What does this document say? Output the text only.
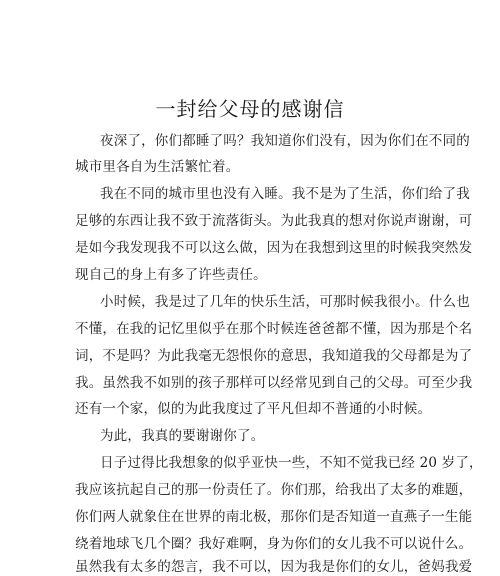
一封给父母的感谢信
夜深了，你们都睡了吗？我知道你们没有，因为你们在不同的
城市里各自为生活繁忙着。
我在不同的城市里也没有入睡。我不是为了生活，你们给了我
足够的东西让我不致于流落街头。为此我真的想对你说声谢谢，可
是如今我发现我不可以这么做，因为在我想到这里的时候我突然发
现自己的身上有多了许些责任。
小时候，我是过了几年的快乐生活，可那时候我很小。什么也
不懂，在我的记忆里似乎在那个时候连爸爸都不懂，因为那是个名
词，不是吗？为此我毫无怨恨你的意思，我知道我的父母都是为了
我。虽然我不如别的孩子那样可以经常见到自己的父母。可至少我
还有一个家，似的为此我度过了平凡但却不普通的小时候。
为此，我真的要谢谢你了。
日子过得比我想象的似乎亚快一些，不知不觉我已经 20 岁了，
我应该抗起自己的那一份责任了。你们那，给我出了太多的难题，
你们两人就象住在世界的南北极，那你们是否知道一直燕子一生能
绕着地球飞几个圈？我好难啊，身为你们的女儿我不可以说什么。
虽然我有太多的怨言，我不可以，因为我是你们的女儿，爸妈我爱
